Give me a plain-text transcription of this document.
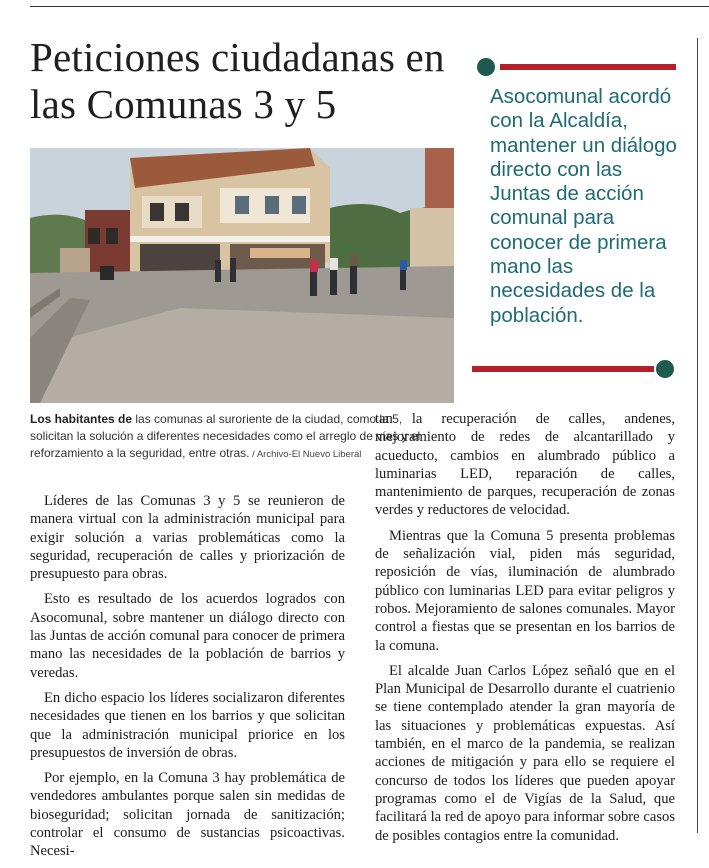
Peticiones ciudadanas en las Comunas 3 y 5

Los habitantes de las comunas al suroriente de la ciudad, como la 5, solicitan la solución a diferentes necesidades como el arreglo de vías y el reforzamiento a la seguridad, entre otras. / Archivo-El Nuevo Liberal

Asocomunal acordó con la Alcaldía, mantener un diálogo directo con las Juntas de acción comunal para conocer de primera mano las necesidades de la población.

Líderes de las Comunas 3 y 5 se reunieron de manera virtual con la administración municipal para exigir solución a varias problemáticas como la seguridad, recuperación de calles y priorización de presupuesto para obras.

Esto es resultado de los acuerdos logrados con Asocomunal, sobre mantener un diálogo directo con las Juntas de acción comunal para conocer de primera mano las necesidades de la población de barrios y veredas.

En dicho espacio los líderes socializaron diferentes necesidades que tienen en los barrios y que solicitan que la administración municipal priorice en los presupuestos de inversión de obras.

Por ejemplo, en la Comuna 3 hay problemática de vendedores ambulantes porque salen sin medidas de bioseguridad; solicitan jornada de sanitización; controlar el consumo de sustancias psicoactivas. Necesi-

tan la recuperación de calles, andenes, mejoramiento de redes de alcantarillado y acueducto, cambios en alumbrado público a luminarias LED, reparación de calles, mantenimiento de parques, recuperación de zonas verdes y reductores de velocidad.

Mientras que la Comuna 5 presenta problemas de señalización vial, piden más seguridad, reposición de vías, iluminación de alumbrado público con luminarias LED para evitar peligros y robos. Mejoramiento de salones comunales. Mayor control a fiestas que se presentan en los barrios de la comuna.

El alcalde Juan Carlos López señaló que en el Plan Municipal de Desarrollo durante el cuatrienio se tiene contemplado atender la gran mayoría de las situaciones y problemáticas expuestas. Así también, en el marco de la pandemia, se realizan acciones de mitigación y para ello se requiere el concurso de todos los líderes que pueden apoyar programas como el de Vigías de la Salud, que facilitará la red de apoyo para informar sobre casos de posibles contagios entre la comunidad.
